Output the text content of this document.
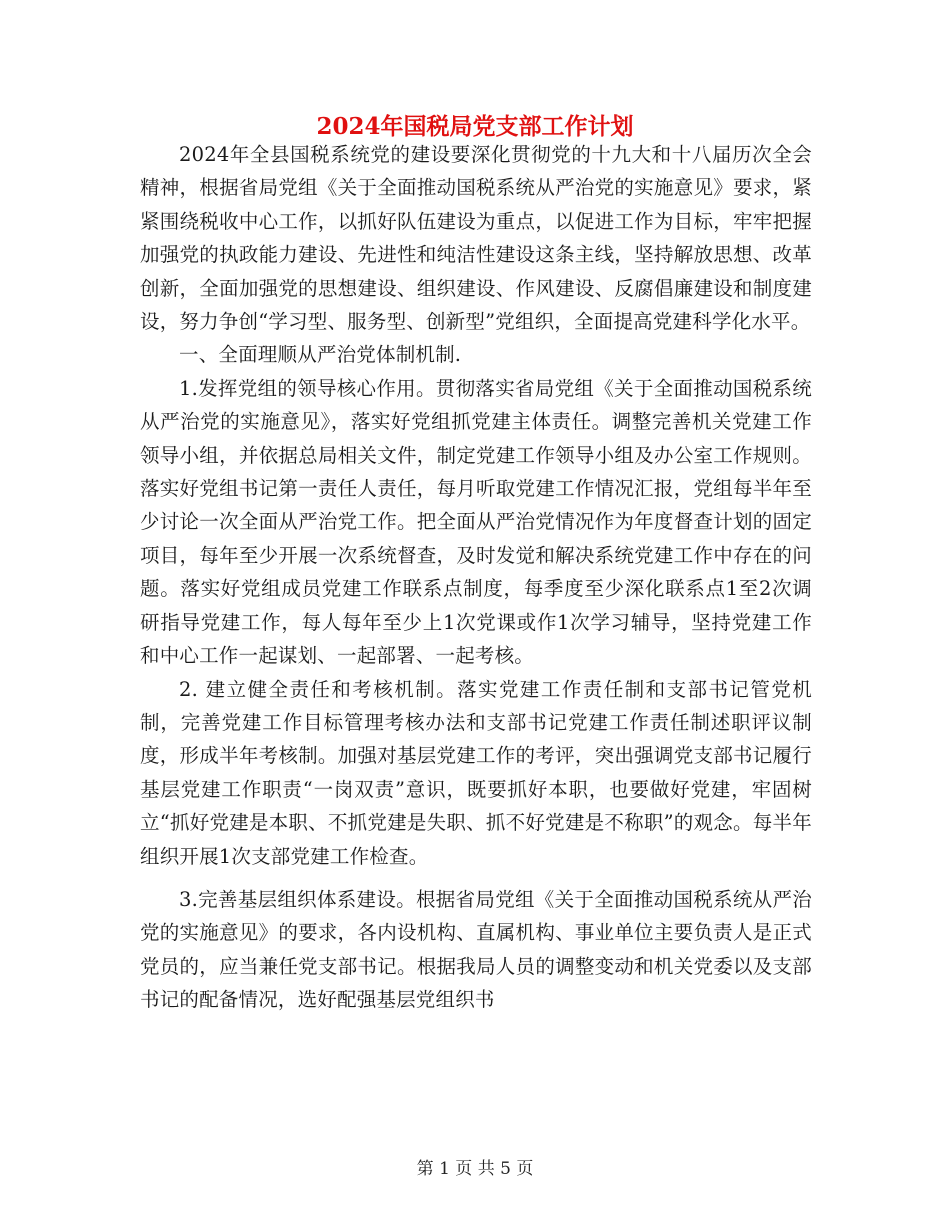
2024年国税局党支部工作计划

2024年全县国税系统党的建设要深化贯彻党的十九大和十八届历次全会精神，根据省局党组《关于全面推动国税系统从严治党的实施意见》要求，紧紧围绕税收中心工作，以抓好队伍建设为重点，以促进工作为目标，牢牢把握加强党的执政能力建设、先进性和纯洁性建设这条主线，坚持解放思想、改革创新，全面加强党的思想建设、组织建设、作风建设、反腐倡廉建设和制度建设，努力争创“学习型、服务型、创新型”党组织，全面提高党建科学化水平。

一、全面理顺从严治党体制机制.

1.发挥党组的领导核心作用。贯彻落实省局党组《关于全面推动国税系统从严治党的实施意见》，落实好党组抓党建主体责任。调整完善机关党建工作领导小组，并依据总局相关文件，制定党建工作领导小组及办公室工作规则。落实好党组书记第一责任人责任，每月听取党建工作情况汇报，党组每半年至少讨论一次全面从严治党工作。把全面从严治党情况作为年度督查计划的固定项目，每年至少开展一次系统督查，及时发觉和解决系统党建工作中存在的问题。落实好党组成员党建工作联系点制度，每季度至少深化联系点1至2次调研指导党建工作，每人每年至少上1次党课或作1次学习辅导，坚持党建工作和中心工作一起谋划、一起部署、一起考核。

2. 建立健全责任和考核机制。落实党建工作责任制和支部书记管党机制，完善党建工作目标管理考核办法和支部书记党建工作责任制述职评议制度，形成半年考核制。加强对基层党建工作的考评，突出强调党支部书记履行基层党建工作职责“一岗双责”意识，既要抓好本职，也要做好党建，牢固树立“抓好党建是本职、不抓党建是失职、抓不好党建是不称职”的观念。每半年组织开展1次支部党建工作检查。

3.完善基层组织体系建设。根据省局党组《关于全面推动国税系统从严治党的实施意见》的要求，各内设机构、直属机构、事业单位主要负责人是正式党员的，应当兼任党支部书记。根据我局人员的调整变动和机关党委以及支部书记的配备情况，选好配强基层党组织书

第 1 页 共 5 页
